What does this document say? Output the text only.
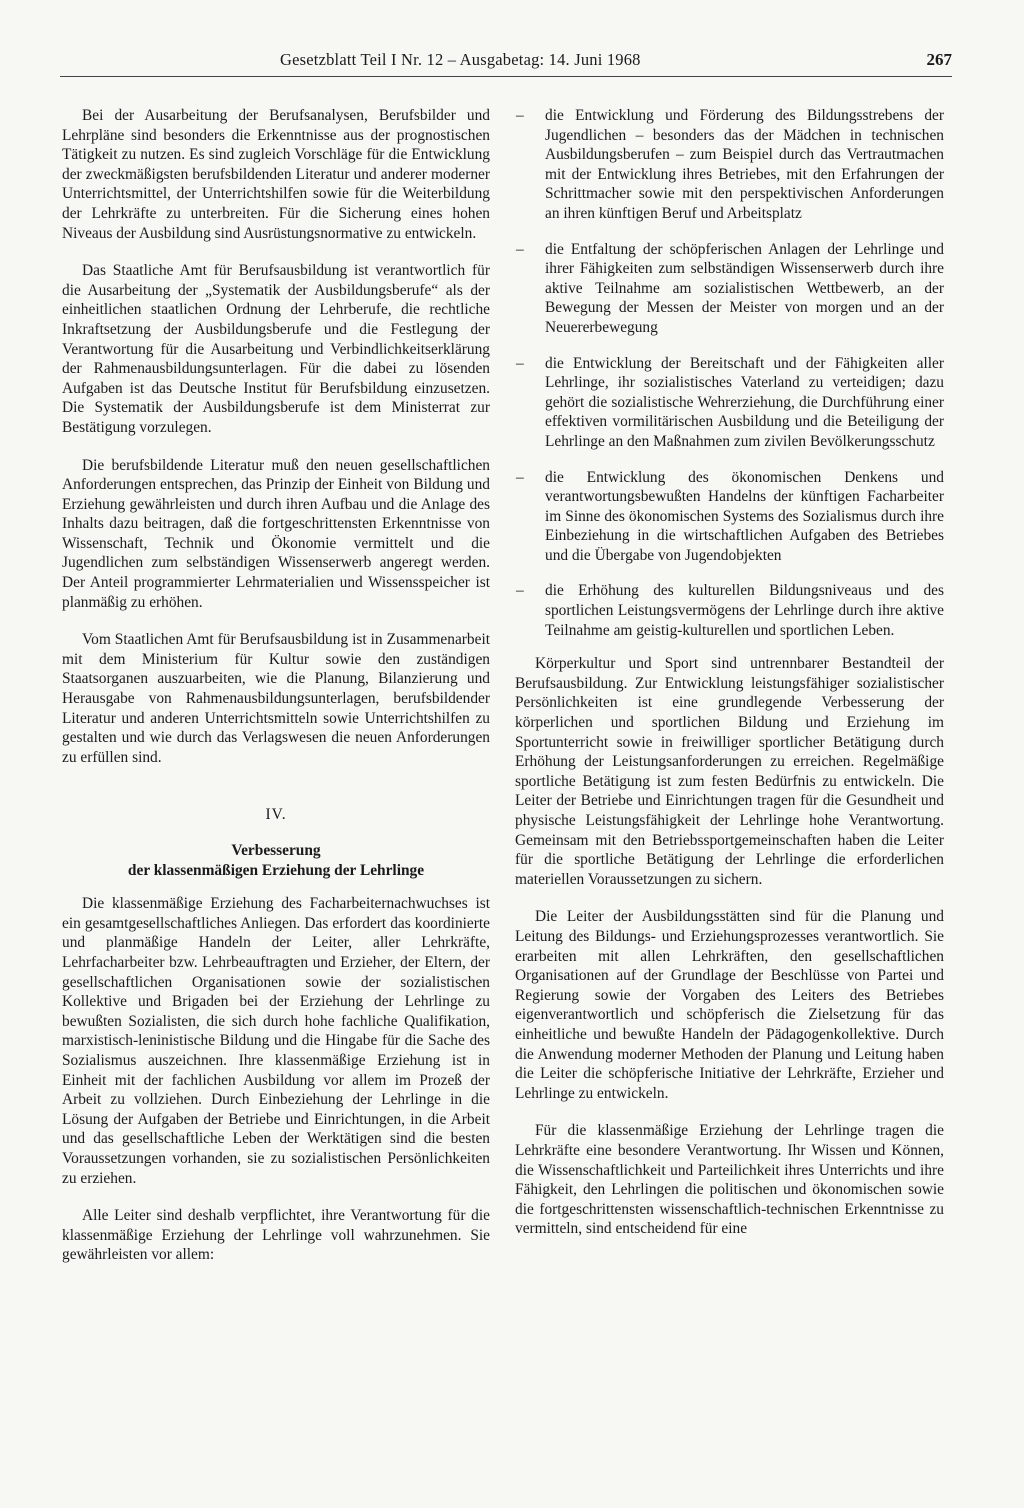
Gesetzblatt Teil I Nr. 12 – Ausgabetag: 14. Juni 1968	267

Bei der Ausarbeitung der Berufsanalysen, Berufsbilder und Lehrpläne sind besonders die Erkenntnisse aus der prognostischen Tätigkeit zu nutzen. Es sind zugleich Vorschläge für die Entwicklung der zweckmäßigsten berufsbildenden Literatur und anderer moderner Unterrichtsmittel, der Unterrichtshilfen sowie für die Weiterbildung der Lehrkräfte zu unterbreiten. Für die Sicherung eines hohen Niveaus der Ausbildung sind Ausrüstungsnormative zu entwickeln.

Das Staatliche Amt für Berufsausbildung ist verantwortlich für die Ausarbeitung der „Systematik der Ausbildungsberufe“ als der einheitlichen staatlichen Ordnung der Lehrberufe, die rechtliche Inkraftsetzung der Ausbildungsberufe und die Festlegung der Verantwortung für die Ausarbeitung und Verbindlichkeitserklärung der Rahmenausbildungsunterlagen. Für die dabei zu lösenden Aufgaben ist das Deutsche Institut für Berufsbildung einzusetzen. Die Systematik der Ausbildungsberufe ist dem Ministerrat zur Bestätigung vorzulegen.

Die berufsbildende Literatur muß den neuen gesellschaftlichen Anforderungen entsprechen, das Prinzip der Einheit von Bildung und Erziehung gewährleisten und durch ihren Aufbau und die Anlage des Inhalts dazu beitragen, daß die fortgeschrittensten Erkenntnisse von Wissenschaft, Technik und Ökonomie vermittelt und die Jugendlichen zum selbständigen Wissenserwerb angeregt werden. Der Anteil programmierter Lehrmaterialien und Wissensspeicher ist planmäßig zu erhöhen.

Vom Staatlichen Amt für Berufsausbildung ist in Zusammenarbeit mit dem Ministerium für Kultur sowie den zuständigen Staatsorganen auszuarbeiten, wie die Planung, Bilanzierung und Herausgabe von Rahmenausbildungsunterlagen, berufsbildender Literatur und anderen Unterrichtsmitteln sowie Unterrichtshilfen zu gestalten und wie durch das Verlagswesen die neuen Anforderungen zu erfüllen sind.

IV.
Verbesserung
der klassenmäßigen Erziehung der Lehrlinge

Die klassenmäßige Erziehung des Facharbeiternachwuchses ist ein gesamtgesellschaftliches Anliegen. Das erfordert das koordinierte und planmäßige Handeln der Leiter, aller Lehrkräfte, Lehrfacharbeiter bzw. Lehrbeauftragten und Erzieher, der Eltern, der gesellschaftlichen Organisationen sowie der sozialistischen Kollektive und Brigaden bei der Erziehung der Lehrlinge zu bewußten Sozialisten, die sich durch hohe fachliche Qualifikation, marxistisch-leninistische Bildung und die Hingabe für die Sache des Sozialismus auszeichnen. Ihre klassenmäßige Erziehung ist in Einheit mit der fachlichen Ausbildung vor allem im Prozeß der Arbeit zu vollziehen. Durch Einbeziehung der Lehrlinge in die Lösung der Aufgaben der Betriebe und Einrichtungen, in die Arbeit und das gesellschaftliche Leben der Werktätigen sind die besten Voraussetzungen vorhanden, sie zu sozialistischen Persönlichkeiten zu erziehen.

Alle Leiter sind deshalb verpflichtet, ihre Verantwortung für die klassenmäßige Erziehung der Lehrlinge voll wahrzunehmen. Sie gewährleisten vor allem:

– die Entwicklung und Förderung des Bildungsstrebens der Jugendlichen – besonders das der Mädchen in technischen Ausbildungsberufen – zum Beispiel durch das Vertrautmachen mit der Entwicklung ihres Betriebes, mit den Erfahrungen der Schrittmacher sowie mit den perspektivischen Anforderungen an ihren künftigen Beruf und Arbeitsplatz
– die Entfaltung der schöpferischen Anlagen der Lehrlinge und ihrer Fähigkeiten zum selbständigen Wissenserwerb durch ihre aktive Teilnahme am sozialistischen Wettbewerb, an der Bewegung der Messen der Meister von morgen und an der Neuererbewegung
– die Entwicklung der Bereitschaft und der Fähigkeiten aller Lehrlinge, ihr sozialistisches Vaterland zu verteidigen; dazu gehört die sozialistische Wehrerziehung, die Durchführung einer effektiven vormilitärischen Ausbildung und die Beteiligung der Lehrlinge an den Maßnahmen zum zivilen Bevölkerungsschutz
– die Entwicklung des ökonomischen Denkens und verantwortungsbewußten Handelns der künftigen Facharbeiter im Sinne des ökonomischen Systems des Sozialismus durch ihre Einbeziehung in die wirtschaftlichen Aufgaben des Betriebes und die Übergabe von Jugendobjekten
– die Erhöhung des kulturellen Bildungsniveaus und des sportlichen Leistungsvermögens der Lehrlinge durch ihre aktive Teilnahme am geistig-kulturellen und sportlichen Leben.

Körperkultur und Sport sind untrennbarer Bestandteil der Berufsausbildung. Zur Entwicklung leistungsfähiger sozialistischer Persönlichkeiten ist eine grundlegende Verbesserung der körperlichen und sportlichen Bildung und Erziehung im Sportunterricht sowie in freiwilliger sportlicher Betätigung durch Erhöhung der Leistungsanforderungen zu erreichen. Regelmäßige sportliche Betätigung ist zum festen Bedürfnis zu entwickeln. Die Leiter der Betriebe und Einrichtungen tragen für die Gesundheit und physische Leistungsfähigkeit der Lehrlinge hohe Verantwortung. Gemeinsam mit den Betriebssportgemeinschaften haben die Leiter für die sportliche Betätigung der Lehrlinge die erforderlichen materiellen Voraussetzungen zu sichern.

Die Leiter der Ausbildungsstätten sind für die Planung und Leitung des Bildungs- und Erziehungsprozesses verantwortlich. Sie erarbeiten mit allen Lehrkräften, den gesellschaftlichen Organisationen auf der Grundlage der Beschlüsse von Partei und Regierung sowie der Vorgaben des Leiters des Betriebes eigenverantwortlich und schöpferisch die Zielsetzung für das einheitliche und bewußte Handeln der Pädagogenkollektive. Durch die Anwendung moderner Methoden der Planung und Leitung haben die Leiter die schöpferische Initiative der Lehrkräfte, Erzieher und Lehrlinge zu entwickeln.

Für die klassenmäßige Erziehung der Lehrlinge tragen die Lehrkräfte eine besondere Verantwortung. Ihr Wissen und Können, die Wissenschaftlichkeit und Parteilichkeit ihres Unterrichts und ihre Fähigkeit, den Lehrlingen die politischen und ökonomischen sowie die fortgeschrittensten wissenschaftlich-technischen Erkenntnisse zu vermitteln, sind entscheidend für eine
